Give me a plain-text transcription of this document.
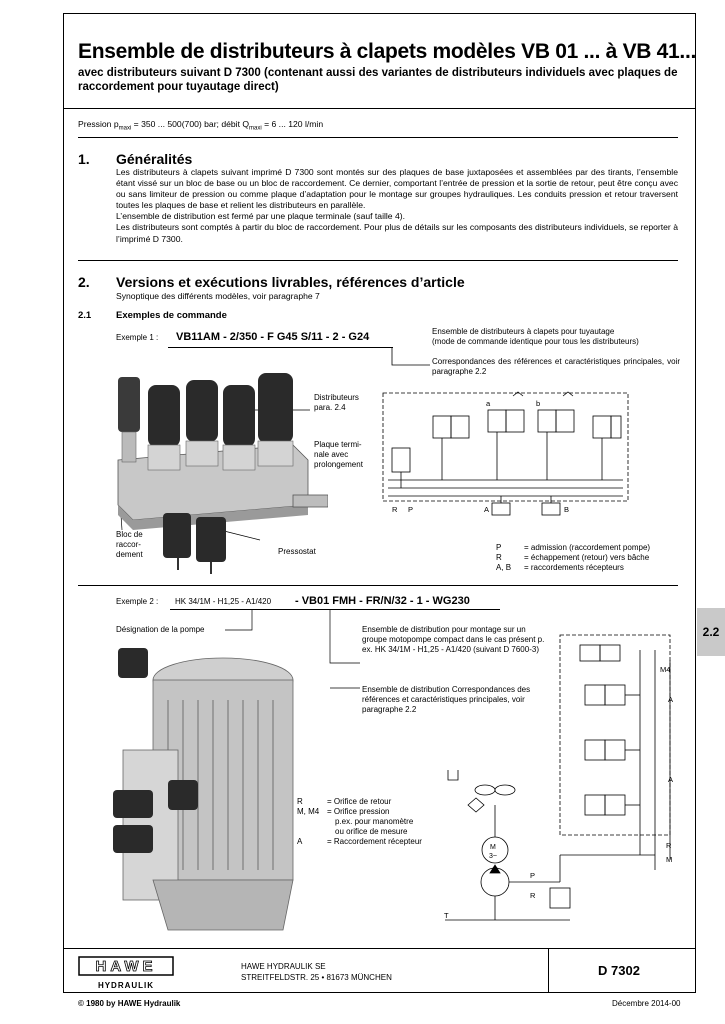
Ensemble de distributeurs à clapets modèles VB 01 ... à VB 41...
avec distributeurs suivant D 7300 (contenant aussi des variantes de distributeurs individuels avec plaques de raccordement pour tuyautage direct)
Pression $p_{maxi} = 350$ ... 500(700) bar; débit $Q_{maxi} = 6$ ... 120 l/min
1. Généralités

Les distributeurs à clapets suivant imprimé D 7300 sont montés sur des plaques de base juxtaposées et assemblées par des tirants, l’ensemble étant vissé sur un bloc de base ou un bloc de raccordement. Ce dernier, comportant l’entrée de pression et la sortie de retour, peut être conçu avec ou sans limiteur de pression ou comme plaque d’adaptation pour le montage sur groupes hydrauliques. Les conduits pression et retour traversent toutes les plaques de base et relient les distributeurs en parallèle.

L’ensemble de distribution est fermé par une plaque terminale (sauf taille 4).

Les distributeurs sont comptés à partir du bloc de raccordement. Pour plus de détails sur les composants des distributeurs individuels, se reporter à l’imprimé D 7300.

2. Versions et exécutions livrables, références d’article
Synoptique des différents modèles, voir paragraphe 7
2.1	Exemples de commande
Exemple 1 : VB11AM - 2/350 - F G45 S/11 - 2 - G24	Ensemble de distributeurs à clapets pour tuyautage
(mode de commande identique pour tous les distributeurs)
Correspondances des références et caractéristiques principales, voir paragraphe 2.2
Distributeurs para. 2.4
Plaque termi- nale avec prolongement
Bloc de raccor- dement	Pressostat
a	b
R P	A	B
P	= admission (raccordement pompe)
R	= échappement (retour) vers bâche
A, B	= raccordements récepteurs
Exemple 2 : HK 34/1M - H1,25 - A1/420 - VB01 FMH - FR/N/32 - 1 - WG230
Désignation de la pompe	Ensemble de distribution pour montage sur un groupe motopompe compact dans le cas présent p. ex. HK 34/1M - H1,25 - A1/420 (suivant D 7600-3)
Ensemble de distribution Correspondances des références et caractéristiques principales, voir paragraphe 2.2
R	= Orifice de retour
M, M4 = Orifice pression
p.ex. pour manomètre
ou orifice de mesure
A	= Raccordement récepteur
M4
A
A
R
M
P
R
T
M
3~
2.2
HAWE
HYDRAULIK
HAWE HYDRAULIK SE
STREITFELDSTR. 25 • 81673 MÜNCHEN	D 7302
© 1980 by HAWE Hydraulik	Décembre 2014-00
